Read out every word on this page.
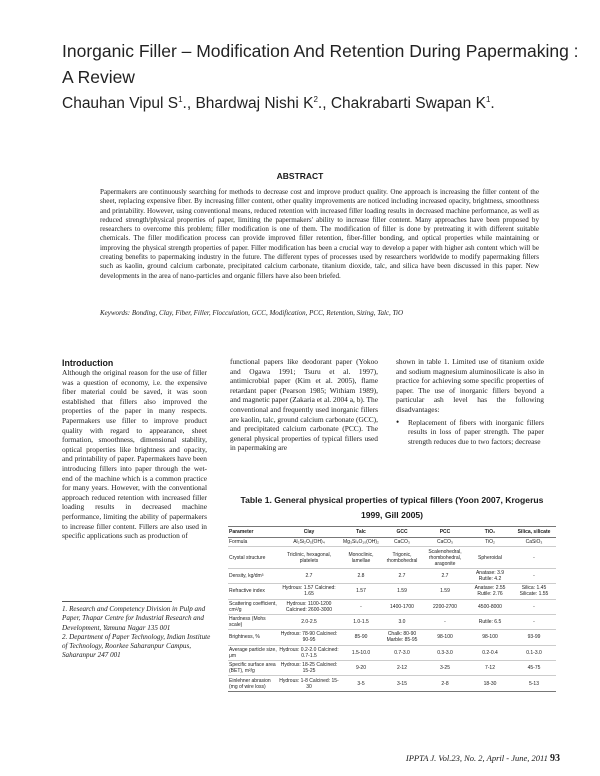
Inorganic Filler – Modification And Retention During Papermaking : A Review
Chauhan Vipul $S^1$., Bhardwaj Nishi $K^2$., Chakrabarti Swapan $K^1$.
ABSTRACT

Papermakers are continuously searching for methods to decrease cost and improve product quality. One approach is increasing the filler content of the sheet, replacing expensive fiber. By increasing filler content, other quality improvements are noticed including increased opacity, brightness, smoothness and printability. However, using conventional means, reduced retention with increased filler loading results in decreased machine performance, as well as reduced strength/physical properties of paper, limiting the papermakers' ability to increase filler content. Many approaches have been proposed by researchers to overcome this problem; filler modification is one of them. The modification of filler is done by pretreating it with different suitable chemicals. The filler modification process can provide improved filler retention, fiber-filler bonding, and optical properties while maintaining or improving the physical strength properties of paper. Filler modification has been a crucial way to develop a paper with higher ash content which will be creating benefits to papermaking industry in the future. The different types of processes used by researchers worldwide to modify papermaking fillers such as kaolin, ground calcium carbonate, precipitated calcium carbonate, titanium dioxide, talc, and silica have been discussed in this paper. New developments in the area of nano-particles and organic fillers have also been briefed.

Keywords: Bonding, Clay, Fiber, Filler, Flocculation, GCC, Modification, PCC, Retention, Sizing, Talc, TiO

Introduction

Although the original reason for the use of filler was a question of economy, i.e. the expensive fiber material could be saved, it was soon established that fillers also improved the properties of the paper in many respects. Papermakers use filler to improve product quality with regard to appearance, sheet formation, smoothness, dimensional stability, optical properties like brightness and opacity, and printability of paper. Papermakers have been introducing fillers into paper through the wet-end of the machine which is a common practice for many years. However, with the conventional approach reduced retention with increased filler loading results in decreased machine performance, limiting the ability of papermakers to increase filler content. Fillers are also used in specific applications such as production of

functional papers like deodorant paper (Yokoo and Ogawa 1991; Tsuru et al. 1997), antimicrobial paper (Kim et al. 2005), flame retardant paper (Pearson 1985; Withiam 1989), and magnetic paper (Zakaria et al. 2004 a, b). The conventional and frequently used inorganic fillers are kaolin, talc, ground calcium carbonate (GCC), and precipitated calcium carbonate (PCC). The general physical properties of typical fillers used in papermaking are

shown in table 1. Limited use of titanium oxide and sodium magnesium aluminosilicate is also in practice for achieving some specific properties of paper. The use of inorganic fillers beyond a particular ash level has the following disadvantages:

•	Replacement of fibers with inorganic fillers results in loss of paper strength. The paper strength reduces due to two factors; decrease

1. Research and Competency Division in Pulp and Paper, Thapar Centre for Industrial Research and Development, Yamuna Nagar 135 001

2. Department of Paper Technology, Indian Institute of Technology, Roorkee Saharanpur Campus, Saharanpur 247 001

Table 1. General physical properties of typical fillers (Yoon 2007, Krogerus 1999, Gill 2005)

Parameter	Clay	Talc	GCC	PCC	TiO₂	Silica, silicate
Formula	Al₂Si₂O₅(OH)₄	Mg₃Si₄O₁₀(OH)₂	CaCO₃	CaCO₃	TiO₂	CaSiO₃
Crystal structure	Triclinic, hexagonal, platelets	Monoclinic, lamellae	Trigonic, rhombohedral	Scalenohedral, rhombohedral, aragonite	Spheroidal	-
Density, kg/dm³	2.7	2.8	2.7	2.7	Anatase: 3.9 Rutile: 4.2	-
Refractive index	Hydrous: 1.57 Calcined: 1.65	1.57	1.59	1.59	Anatase: 2.55 Rutile: 2.76	Silica: 1.45 Silicate: 1.55
Scattering coefficient, cm²/g	Hydrous: 1100-1200 Calcined: 2600-3000	-	1400-1700	2200-2700	4500-8000	-
Hardness (Mohs scale)	2.0-2.5	1.0-1.5	3.0	-	Rutile: 6.5	-
Brightness, %	Hydrous: 78-90 Calcined: 90-95	85-90	Chalk: 80-90 Marble: 85-95	98-100	98-100	93-99
Average particle size, μm	Hydrous: 0.2-2.0 Calcined: 0.7-1.5	1.5-10.0	0.7-3.0	0.3-3.0	0.2-0.4	0.1-3.0
Specific surface area (BET), m²/g	Hydrous: 18-25 Calcined: 15-25	9-20	2-12	3-25	7-12	45-75
Einlehner abrasion (mg of wire loss)	Hydrous: 1-8 Calcined: 15-30	3-5	3-15	2-8	18-30	5-13
IPPTA J. Vol.23, No. 2, April - June, 2011 93
